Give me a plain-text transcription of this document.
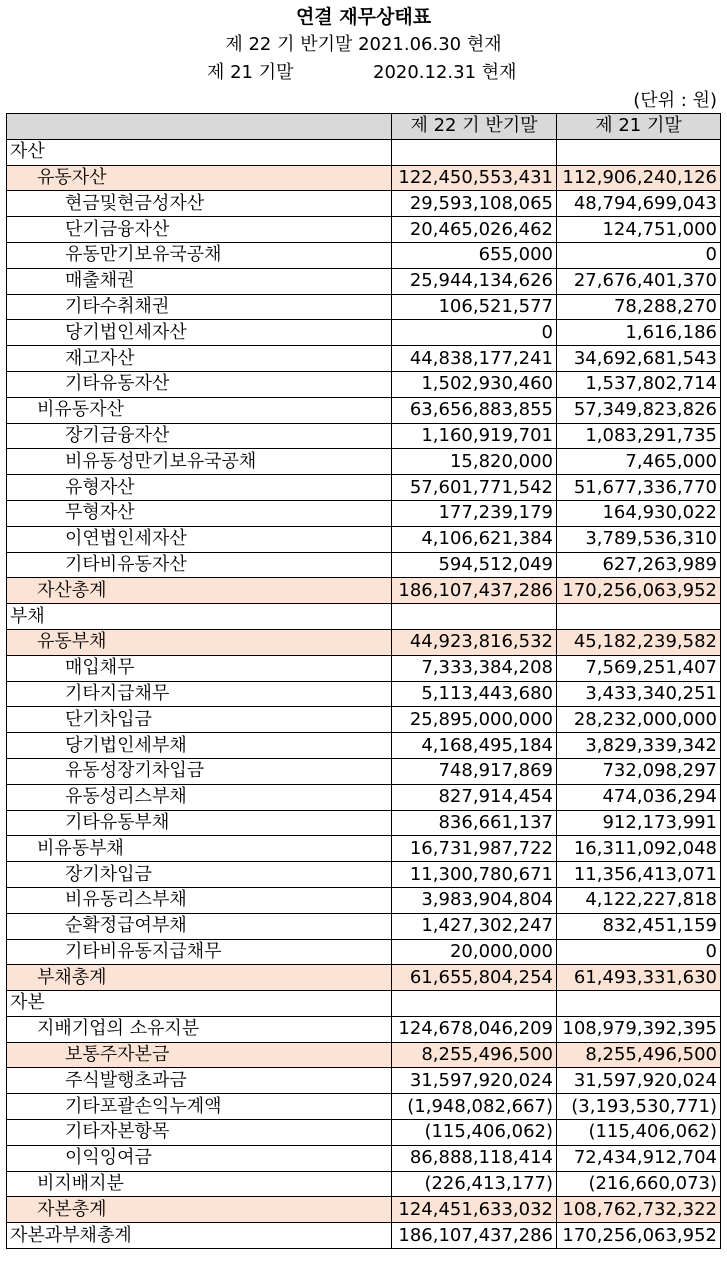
연결 재무상태표
제 22 기 반기말 2021.06.30 현재
제 21 기말	2020.12.31 현재
(단위 : 원)
	제 22 기 반기말	제 21 기말
자산		
유동자산	122,450,553,431	112,906,240,126
현금및현금성자산	29,593,108,065	48,794,699,043
단기금융자산	20,465,026,462	124,751,000
유동만기보유국공채	655,000	0
매출채권	25,944,134,626	27,676,401,370
기타수취채권	106,521,577	78,288,270
당기법인세자산	0	1,616,186
재고자산	44,838,177,241	34,692,681,543
기타유동자산	1,502,930,460	1,537,802,714
비유동자산	63,656,883,855	57,349,823,826
장기금융자산	1,160,919,701	1,083,291,735
비유동성만기보유국공채	15,820,000	7,465,000
유형자산	57,601,771,542	51,677,336,770
무형자산	177,239,179	164,930,022
이연법인세자산	4,106,621,384	3,789,536,310
기타비유동자산	594,512,049	627,263,989
자산총계	186,107,437,286	170,256,063,952
부채		
유동부채	44,923,816,532	45,182,239,582
매입채무	7,333,384,208	7,569,251,407
기타지급채무	5,113,443,680	3,433,340,251
단기차입금	25,895,000,000	28,232,000,000
당기법인세부채	4,168,495,184	3,829,339,342
유동성장기차입금	748,917,869	732,098,297
유동성리스부채	827,914,454	474,036,294
기타유동부채	836,661,137	912,173,991
비유동부채	16,731,987,722	16,311,092,048
장기차입금	11,300,780,671	11,356,413,071
비유동리스부채	3,983,904,804	4,122,227,818
순확정급여부채	1,427,302,247	832,451,159
기타비유동지급채무	20,000,000	0
부채총계	61,655,804,254	61,493,331,630
자본		
지배기업의 소유지분	124,678,046,209	108,979,392,395
보통주자본금	8,255,496,500	8,255,496,500
주식발행초과금	31,597,920,024	31,597,920,024
기타포괄손익누계액	(1,948,082,667)	(3,193,530,771)
기타자본항목	(115,406,062)	(115,406,062)
이익잉여금	86,888,118,414	72,434,912,704
비지배지분	(226,413,177)	(216,660,073)
자본총계	124,451,633,032	108,762,732,322
자본과부채총계	186,107,437,286	170,256,063,952
